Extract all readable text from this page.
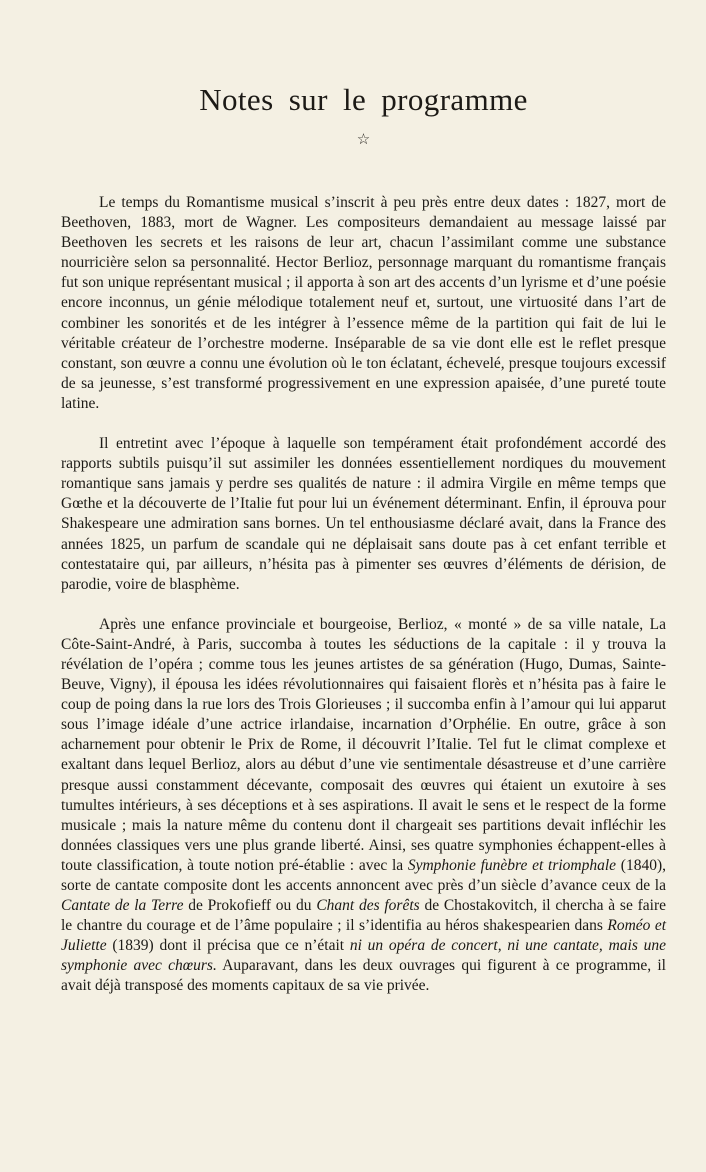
Notes sur le programme
☆

Le temps du Romantisme musical s’inscrit à peu près entre deux dates : 1827, mort de Beethoven, 1883, mort de Wagner. Les compositeurs demandaient au message laissé par Beethoven les secrets et les raisons de leur art, chacun l’assimilant comme une substance nourricière selon sa personnalité. Hector Berlioz, personnage marquant du romantisme français fut son unique représentant musical ; il apporta à son art des accents d’un lyrisme et d’une poésie encore inconnus, un génie mélodique totalement neuf et, surtout, une virtuosité dans l’art de combiner les sonorités et de les intégrer à l’essence même de la partition qui fait de lui le véritable créateur de l’orchestre moderne. Inséparable de sa vie dont elle est le reflet presque constant, son œuvre a connu une évolution où le ton éclatant, échevelé, presque toujours excessif de sa jeunesse, s’est transformé progressivement en une expression apaisée, d’une pureté toute latine.

Il entretint avec l’époque à laquelle son tempérament était profondément accordé des rapports subtils puisqu’il sut assimiler les données essentiellement nordiques du mouvement romantique sans jamais y perdre ses qualités de nature : il admira Virgile en même temps que Gœthe et la découverte de l’Italie fut pour lui un événement déterminant. Enfin, il éprouva pour Shakespeare une admiration sans bornes. Un tel enthousiasme déclaré avait, dans la France des années 1825, un parfum de scandale qui ne déplaisait sans doute pas à cet enfant terrible et contestataire qui, par ailleurs, n’hésita pas à pimenter ses œuvres d’éléments de dérision, de parodie, voire de blasphème.

Après une enfance provinciale et bourgeoise, Berlioz, « monté » de sa ville natale, La Côte-Saint-André, à Paris, succomba à toutes les séductions de la capitale : il y trouva la révélation de l’opéra ; comme tous les jeunes artistes de sa génération (Hugo, Dumas, Sainte-Beuve, Vigny), il épousa les idées révolutionnaires qui faisaient florès et n’hésita pas à faire le coup de poing dans la rue lors des Trois Glorieuses ; il succomba enfin à l’amour qui lui apparut sous l’image idéale d’une actrice irlandaise, incarnation d’Orphélie. En outre, grâce à son acharnement pour obtenir le Prix de Rome, il découvrit l’Italie. Tel fut le climat complexe et exaltant dans lequel Berlioz, alors au début d’une vie sentimentale désastreuse et d’une carrière presque aussi constamment décevante, composait des œuvres qui étaient un exutoire à ses tumultes intérieurs, à ses déceptions et à ses aspirations. Il avait le sens et le respect de la forme musicale ; mais la nature même du contenu dont il chargeait ses partitions devait infléchir les données classiques vers une plus grande liberté. Ainsi, ses quatre symphonies échappent-elles à toute classification, à toute notion pré-établie : avec la Symphonie funèbre et triomphale (1840), sorte de cantate composite dont les accents annoncent avec près d’un siècle d’avance ceux de la Cantate de la Terre de Prokofieff ou du Chant des forêts de Chostakovitch, il chercha à se faire le chantre du courage et de l’âme populaire ; il s’identifia au héros shakespearien dans Roméo et Juliette (1839) dont il précisa que ce n’était ni un opéra de concert, ni une cantate, mais une symphonie avec chœurs. Auparavant, dans les deux ouvrages qui figurent à ce programme, il avait déjà transposé des moments capitaux de sa vie privée.
